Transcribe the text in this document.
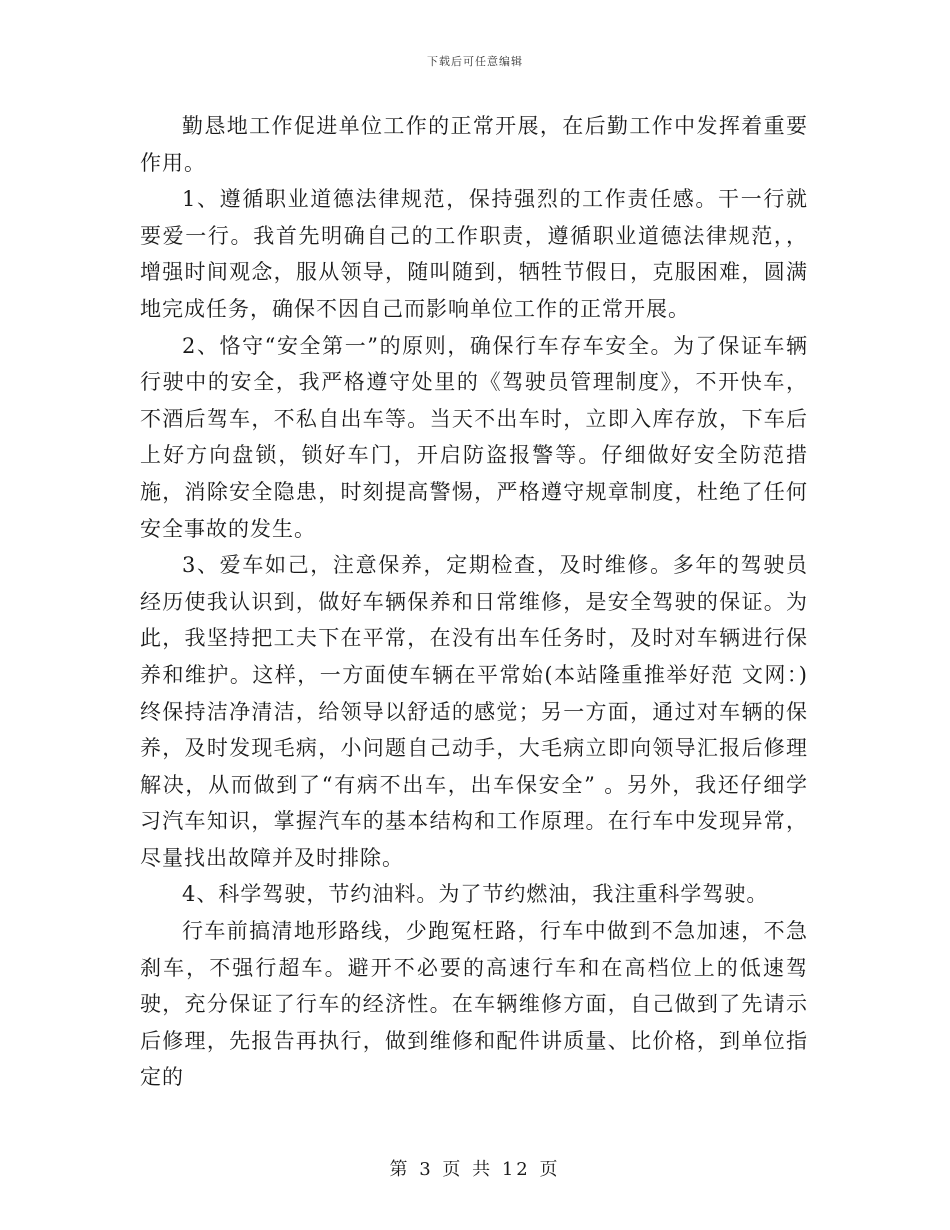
下载后可任意编辑

勤恳地工作促进单位工作的正常开展，在后勤工作中发挥着重要作用。

1、遵循职业道德法律规范，保持强烈的工作责任感。干一行就要爱一行。我首先明确自己的工作职责，遵循职业道德法律规范，，增强时间观念，服从领导，随叫随到，牺牲节假日，克服困难，圆满地完成任务，确保不因自己而影响单位工作的正常开展。

2、恪守“安全第一”的原则，确保行车存车安全。为了保证车辆行驶中的安全，我严格遵守处里的《驾驶员管理制度》，不开快车，不酒后驾车，不私自出车等。当天不出车时，立即入库存放，下车后上好方向盘锁，锁好车门，开启防盗报警等。仔细做好安全防范措施，消除安全隐患，时刻提高警惕，严格遵守规章制度，杜绝了任何安全事故的发生。

3、爱车如己，注意保养，定期检查，及时维修。多年的驾驶员经历使我认识到，做好车辆保养和日常维修，是安全驾驶的保证。为此，我坚持把工夫下在平常，在没有出车任务时，及时对车辆进行保养和维护。这样，一方面使车辆在平常始(本站隆重推举好范 文网：)终保持洁净清洁，给领导以舒适的感觉；另一方面，通过对车辆的保养，及时发现毛病，小问题自己动手，大毛病立即向领导汇报后修理解决，从而做到了“有病不出车，出车保安全” 。另外，我还仔细学习汽车知识，掌握汽车的基本结构和工作原理。在行车中发现异常，尽量找出故障并及时排除。

4、科学驾驶，节约油料。为了节约燃油，我注重科学驾驶。

行车前搞清地形路线，少跑冤枉路，行车中做到不急加速，不急刹车，不强行超车。避开不必要的高速行车和在高档位上的低速驾驶，充分保证了行车的经济性。在车辆维修方面，自己做到了先请示后修理，先报告再执行，做到维修和配件讲质量、比价格，到单位指定的

第 3 页 共 12 页
